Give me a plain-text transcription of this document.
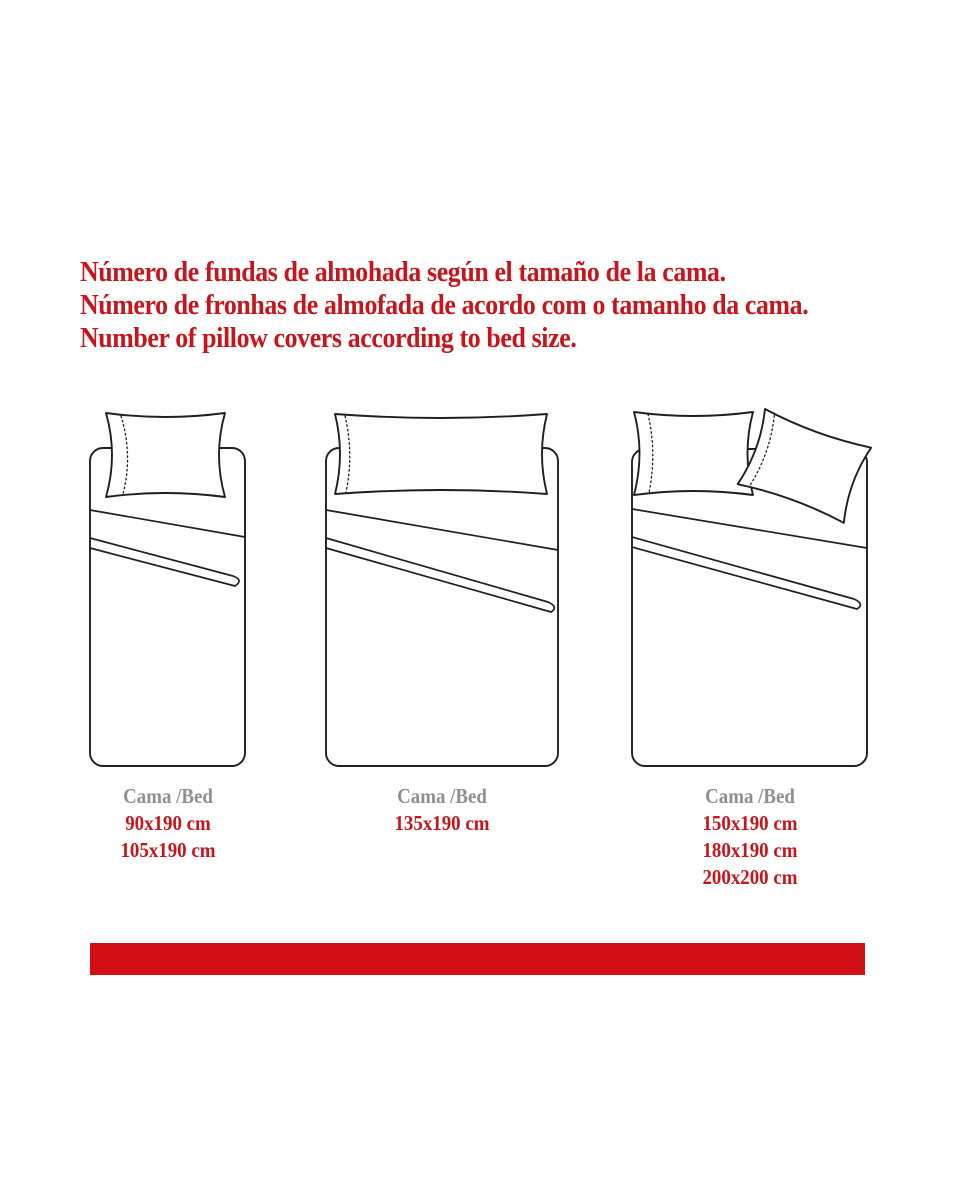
Número de fundas de almohada según el tamaño de la cama.
Número de fronhas de almofada de acordo com o tamanho da cama.
Number of pillow covers according to bed size.
Cama /Bed
90x190 cm
105x190 cm
Cama /Bed
135x190 cm
Cama /Bed
150x190 cm
180x190 cm
200x200 cm
